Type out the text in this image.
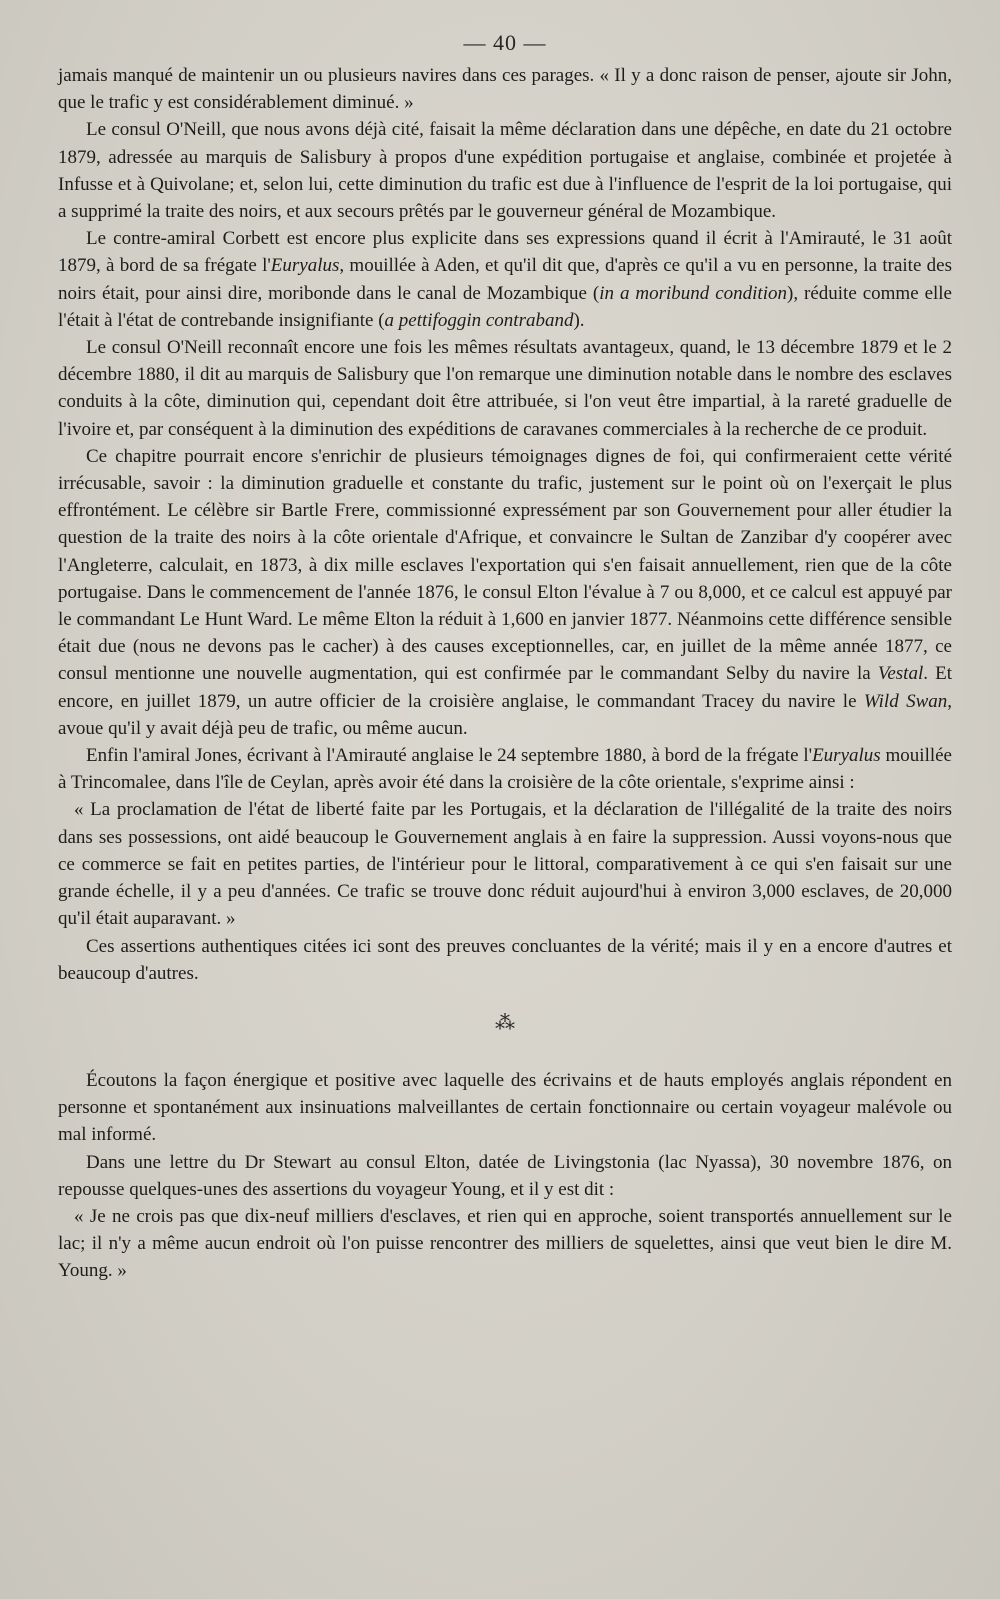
— 40 —

jamais manqué de maintenir un ou plusieurs navires dans ces parages. « Il y a donc raison de penser, ajoute sir John, que le trafic y est considérablement diminué. »

Le consul O'Neill, que nous avons déjà cité, faisait la même déclaration dans une dépêche, en date du 21 octobre 1879, adressée au marquis de Salisbury à propos d'une expédition portugaise et anglaise, combinée et projetée à Infusse et à Quivolane; et, selon lui, cette diminution du trafic est due à l'influence de l'esprit de la loi portugaise, qui a supprimé la traite des noirs, et aux secours prêtés par le gouverneur général de Mozambique.

Le contre-amiral Corbett est encore plus explicite dans ses expressions quand il écrit à l'Amirauté, le 31 août 1879, à bord de sa frégate l'Euryalus, mouillée à Aden, et qu'il dit que, d'après ce qu'il a vu en personne, la traite des noirs était, pour ainsi dire, moribonde dans le canal de Mozambique (in a moribund condition), réduite comme elle l'était à l'état de contrebande insignifiante (a pettifoggin contraband).

Le consul O'Neill reconnaît encore une fois les mêmes résultats avantageux, quand, le 13 décembre 1879 et le 2 décembre 1880, il dit au marquis de Salisbury que l'on remarque une diminution notable dans le nombre des esclaves conduits à la côte, diminution qui, cependant doit être attribuée, si l'on veut être impartial, à la rareté graduelle de l'ivoire et, par conséquent à la diminution des expéditions de caravanes commerciales à la recherche de ce produit.

Ce chapitre pourrait encore s'enrichir de plusieurs témoignages dignes de foi, qui confirmeraient cette vérité irrécusable, savoir : la diminution graduelle et constante du trafic, justement sur le point où on l'exerçait le plus effrontément. Le célèbre sir Bartle Frere, commissionné expressément par son Gouvernement pour aller étudier la question de la traite des noirs à la côte orientale d'Afrique, et convaincre le Sultan de Zanzibar d'y coopérer avec l'Angleterre, calculait, en 1873, à dix mille esclaves l'exportation qui s'en faisait annuellement, rien que de la côte portugaise. Dans le commencement de l'année 1876, le consul Elton l'évalue à 7 ou 8,000, et ce calcul est appuyé par le commandant Le Hunt Ward. Le même Elton la réduit à 1,600 en janvier 1877. Néanmoins cette différence sensible était due (nous ne devons pas le cacher) à des causes exceptionnelles, car, en juillet de la même année 1877, ce consul mentionne une nouvelle augmentation, qui est confirmée par le commandant Selby du navire la Vestal. Et encore, en juillet 1879, un autre officier de la croisière anglaise, le commandant Tracey du navire le Wild Swan, avoue qu'il y avait déjà peu de trafic, ou même aucun.

Enfin l'amiral Jones, écrivant à l'Amirauté anglaise le 24 septembre 1880, à bord de la frégate l'Euryalus mouillée à Trincomalee, dans l'île de Ceylan, après avoir été dans la croisière de la côte orientale, s'exprime ainsi :

« La proclamation de l'état de liberté faite par les Portugais, et la déclaration de l'illégalité de la traite des noirs dans ses possessions, ont aidé beaucoup le Gouvernement anglais à en faire la suppression. Aussi voyons-nous que ce commerce se fait en petites parties, de l'intérieur pour le littoral, comparativement à ce qui s'en faisait sur une grande échelle, il y a peu d'années. Ce trafic se trouve donc réduit aujourd'hui à environ 3,000 esclaves, de 20,000 qu'il était auparavant. »

Ces assertions authentiques citées ici sont des preuves concluantes de la vérité; mais il y en a encore d'autres et beaucoup d'autres.

⁂

Écoutons la façon énergique et positive avec laquelle des écrivains et de hauts employés anglais répondent en personne et spontanément aux insinuations malveillantes de certain fonctionnaire ou certain voyageur malévole ou mal informé.

Dans une lettre du Dr Stewart au consul Elton, datée de Livingstonia (lac Nyassa), 30 novembre 1876, on repousse quelques-unes des assertions du voyageur Young, et il y est dit :

« Je ne crois pas que dix-neuf milliers d'esclaves, et rien qui en approche, soient transportés annuellement sur le lac; il n'y a même aucun endroit où l'on puisse rencontrer des milliers de squelettes, ainsi que veut bien le dire M. Young. »
